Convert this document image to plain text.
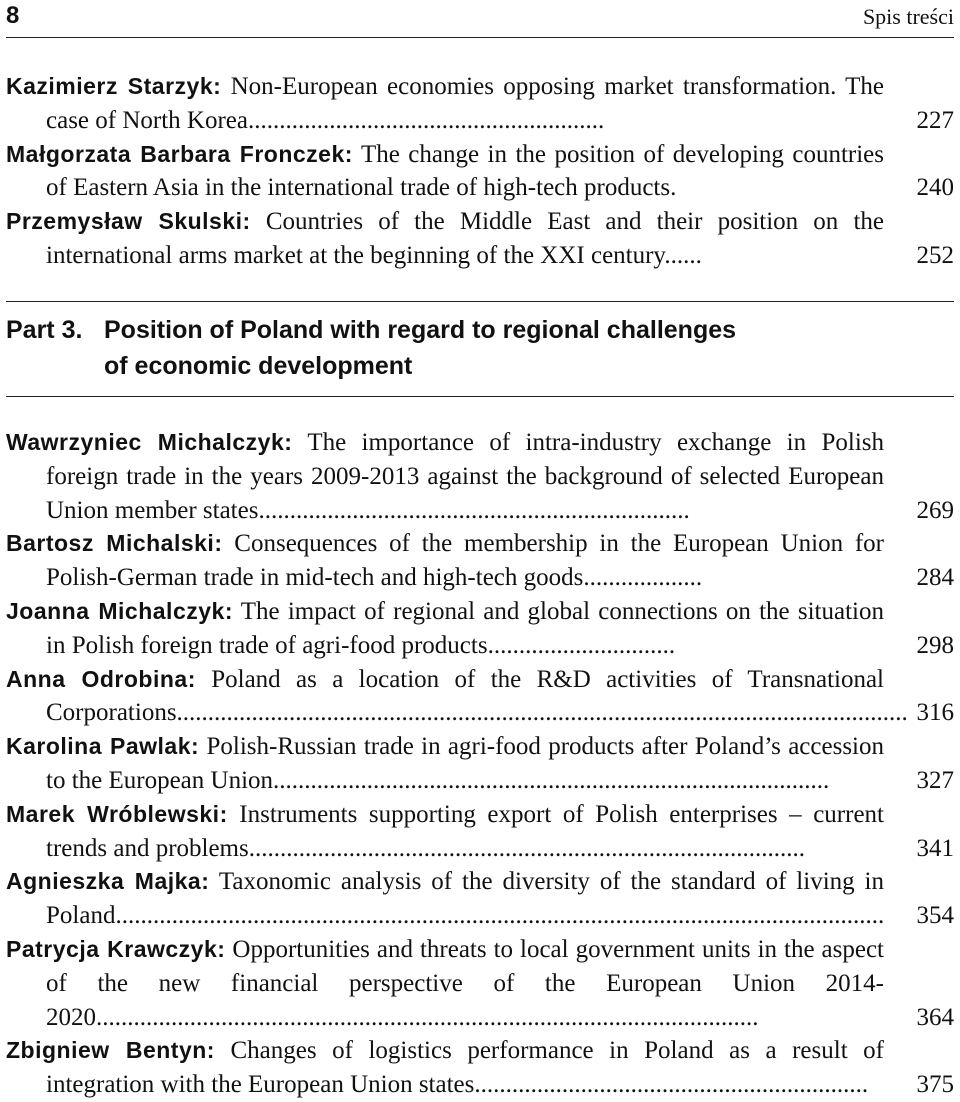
8	Spis treści
Kazimierz Starzyk: Non-European economies opposing market transformation. The case of North Korea.........................................................	227
Małgorzata Barbara Fronczek: The change in the position of developing countries of Eastern Asia in the international trade of high-tech products.	240
Przemysław Skulski: Countries of the Middle East and their position on the international arms market at the beginning of the XXI century......	252
Part 3. Position of Poland with regard to regional challenges
of economic development
Wawrzyniec Michalczyk: The importance of intra-industry exchange in Polish foreign trade in the years 2009-2013 against the background of selected European Union member states.....................................................................	269
Bartosz Michalski: Consequences of the membership in the European Union for Polish-German trade in mid-tech and high-tech goods...................	284
Joanna Michalczyk: The impact of regional and global connections on the situation in Polish foreign trade of agri-food products..............................	298
Anna Odrobina: Poland as a location of the R&D activities of Transnational Corporations..................................................................................................................... 316
Karolina Pawlak: Polish-Russian trade in agri-food products after Poland’s accession to the European Union.........................................................................................	327
Marek Wróblewski: Instruments supporting export of Polish enterprises – current trends and problems.........................................................................................	341
Agnieszka Majka: Taxonomic analysis of the diversity of the standard of living in Poland...........................................................................................................................	354
Patrycja Krawczyk: Opportunities and threats to local government units in the aspect of the new financial perspective of the European Union 2014-2020..........................................................................................................	364
Zbigniew Bentyn: Changes of logistics performance in Poland as a result of integration with the European Union states...............................................................	375
